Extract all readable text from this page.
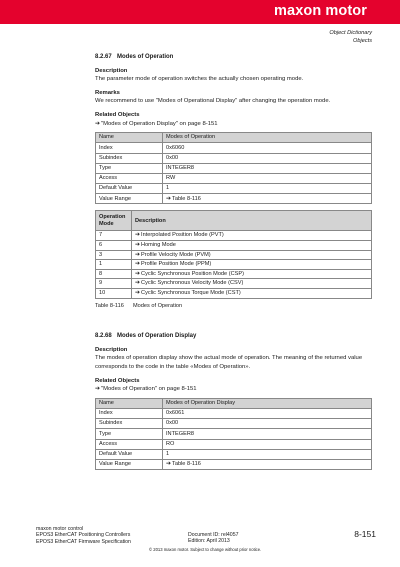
maxon motor
Object Dictionary
Objects
8.2.67 Modes of Operation
Description
The parameter mode of operation switches the actually chosen operating mode.
Remarks
We recommend to use "Modes of Operational Display" after changing the operation mode.
Related Objects
➔ "Modes of Operation Display" on page 8-151
Name	Modes of Operation
Index	0x6060
Subindex	0x00
Type	INTEGER8
Access	RW
Default Value	1
Value Range	➔Table 8-116
Operation Mode	Description
7	➔Interpolated Position Mode (PVT)
6	➔Homing Mode
3	➔Profile Velocity Mode (PVM)
1	➔Profile Position Mode (PPM)
8	➔Cyclic Synchronous Position Mode (CSP)
9	➔Cyclic Synchronous Velocity Mode (CSV)
10	➔Cyclic Synchronous Torque Mode (CST)
Table 8-116	Modes of Operation
8.2.68 Modes of Operation Display
Description
The modes of operation display show the actual mode of operation. The meaning of the returned value corresponds to the code in the table «Modes of Operation».
Related Objects
➔ "Modes of Operation" on page 8-151
Name	Modes of Operation Display
Index	0x6061
Subindex	0x00
Type	INTEGER8
Access	RO
Default Value	1
Value Range	➔Table 8-116
maxon motor control
EPOS3 EtherCAT Positioning Controllers
EPOS3 EtherCAT Firmware Specification
Document ID: rel4057
Edition: April 2013
8-151
© 2013 maxon motor. Subject to change without prior notice.
